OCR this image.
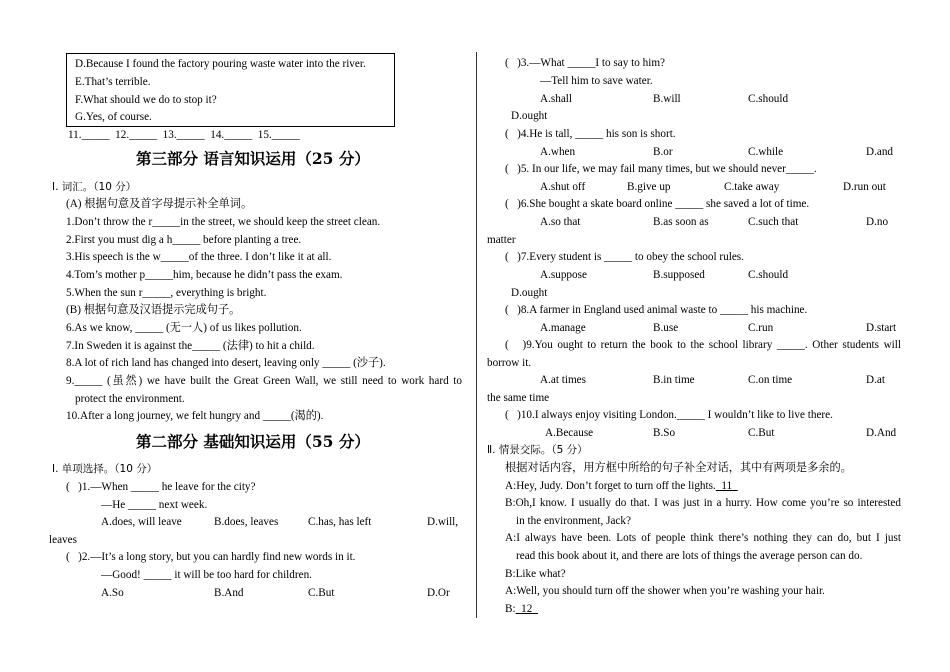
D.Because I found the factory pouring waste water into the river.
E.That’s terrible.
F.What should we do to stop it?
G.Yes, of course.
11._____  12._____  13._____  14._____  15._____
第三部分 语言知识运用（25 分）
Ⅰ. 词汇。（10 分）
(A) 根据句意及首字母提示补全单词。
1.Don’t throw the r_____in the street, we should keep the street clean.
2.First you must dig a h_____ before planting a tree.
3.His speech is the w_____of the three. I don’t like it at all.
4.Tom’s mother p_____him, because he didn’t pass the exam.
5.When the sun r_____, everything is bright.
(B) 根据句意及汉语提示完成句子。
6.As we know, _____ (无一人) of us likes pollution.
7.In Sweden it is against the_____ (法律) to hit a child.
8.A lot of rich land has changed into desert, leaving only _____ (沙子).
9._____ (虽然) we have built the Great Green Wall, we still need to work hard to
protect the environment.
10.After a long journey, we felt hungry and _____(渴的).
第二部分 基础知识运用（55 分）
Ⅰ. 单项选择。（10 分）
(   )1.—When _____ he leave for the city?
—He _____ next week.
A.does, will leave	B.does, leaves	C.has, has left	D.will,
leaves
(   )2.—It’s a long story, but you can hardly find new words in it.
—Good! _____ it will be too hard for children.
A.So	B.And	C.But	D.Or
(   )3.—What _____I to say to him?
—Tell him to save water.
A.shall	B.will	C.should
D.ought
(   )4.He is tall, _____ his son is short.
A.when	B.or	C.while	D.and
(   )5. In our life, we may fail many times, but we should never_____.
A.shut off	B.give up	C.take away	D.run out
(   )6.She bought a skate board online _____ she saved a lot of time.
A.so that	B.as soon as	C.such that	D.no
matter
(   )7.Every student is _____ to obey the school rules.
A.suppose	B.supposed	C.should
D.ought
(   )8.A farmer in England used animal waste to _____ his machine.
A.manage	B.use	C.run	D.start
(   )9.You ought to return the book to the school library _____. Other students will
borrow it.
A.at times	B.in time	C.on time	D.at
the same time
(   )10.I always enjoy visiting London._____ I wouldn’t like to live there.
A.Because	B.So	C.But	D.And
Ⅱ. 情景交际。（5 分）
根据对话内容，用方框中所给的句子补全对话，其中有两项是多余的。
A:Hey, Judy. Don’t forget to turn off the lights.  11
B:Oh,I know. I usually do that. I was just in a hurry. How come you’re so interested
in the environment, Jack?
A:I always have been. Lots of people think there’s nothing they can do, but I just
read this book about it, and there are lots of things the average person can do.
B:Like what?
A:Well, you should turn off the shower when you’re washing your hair.
B:  12
